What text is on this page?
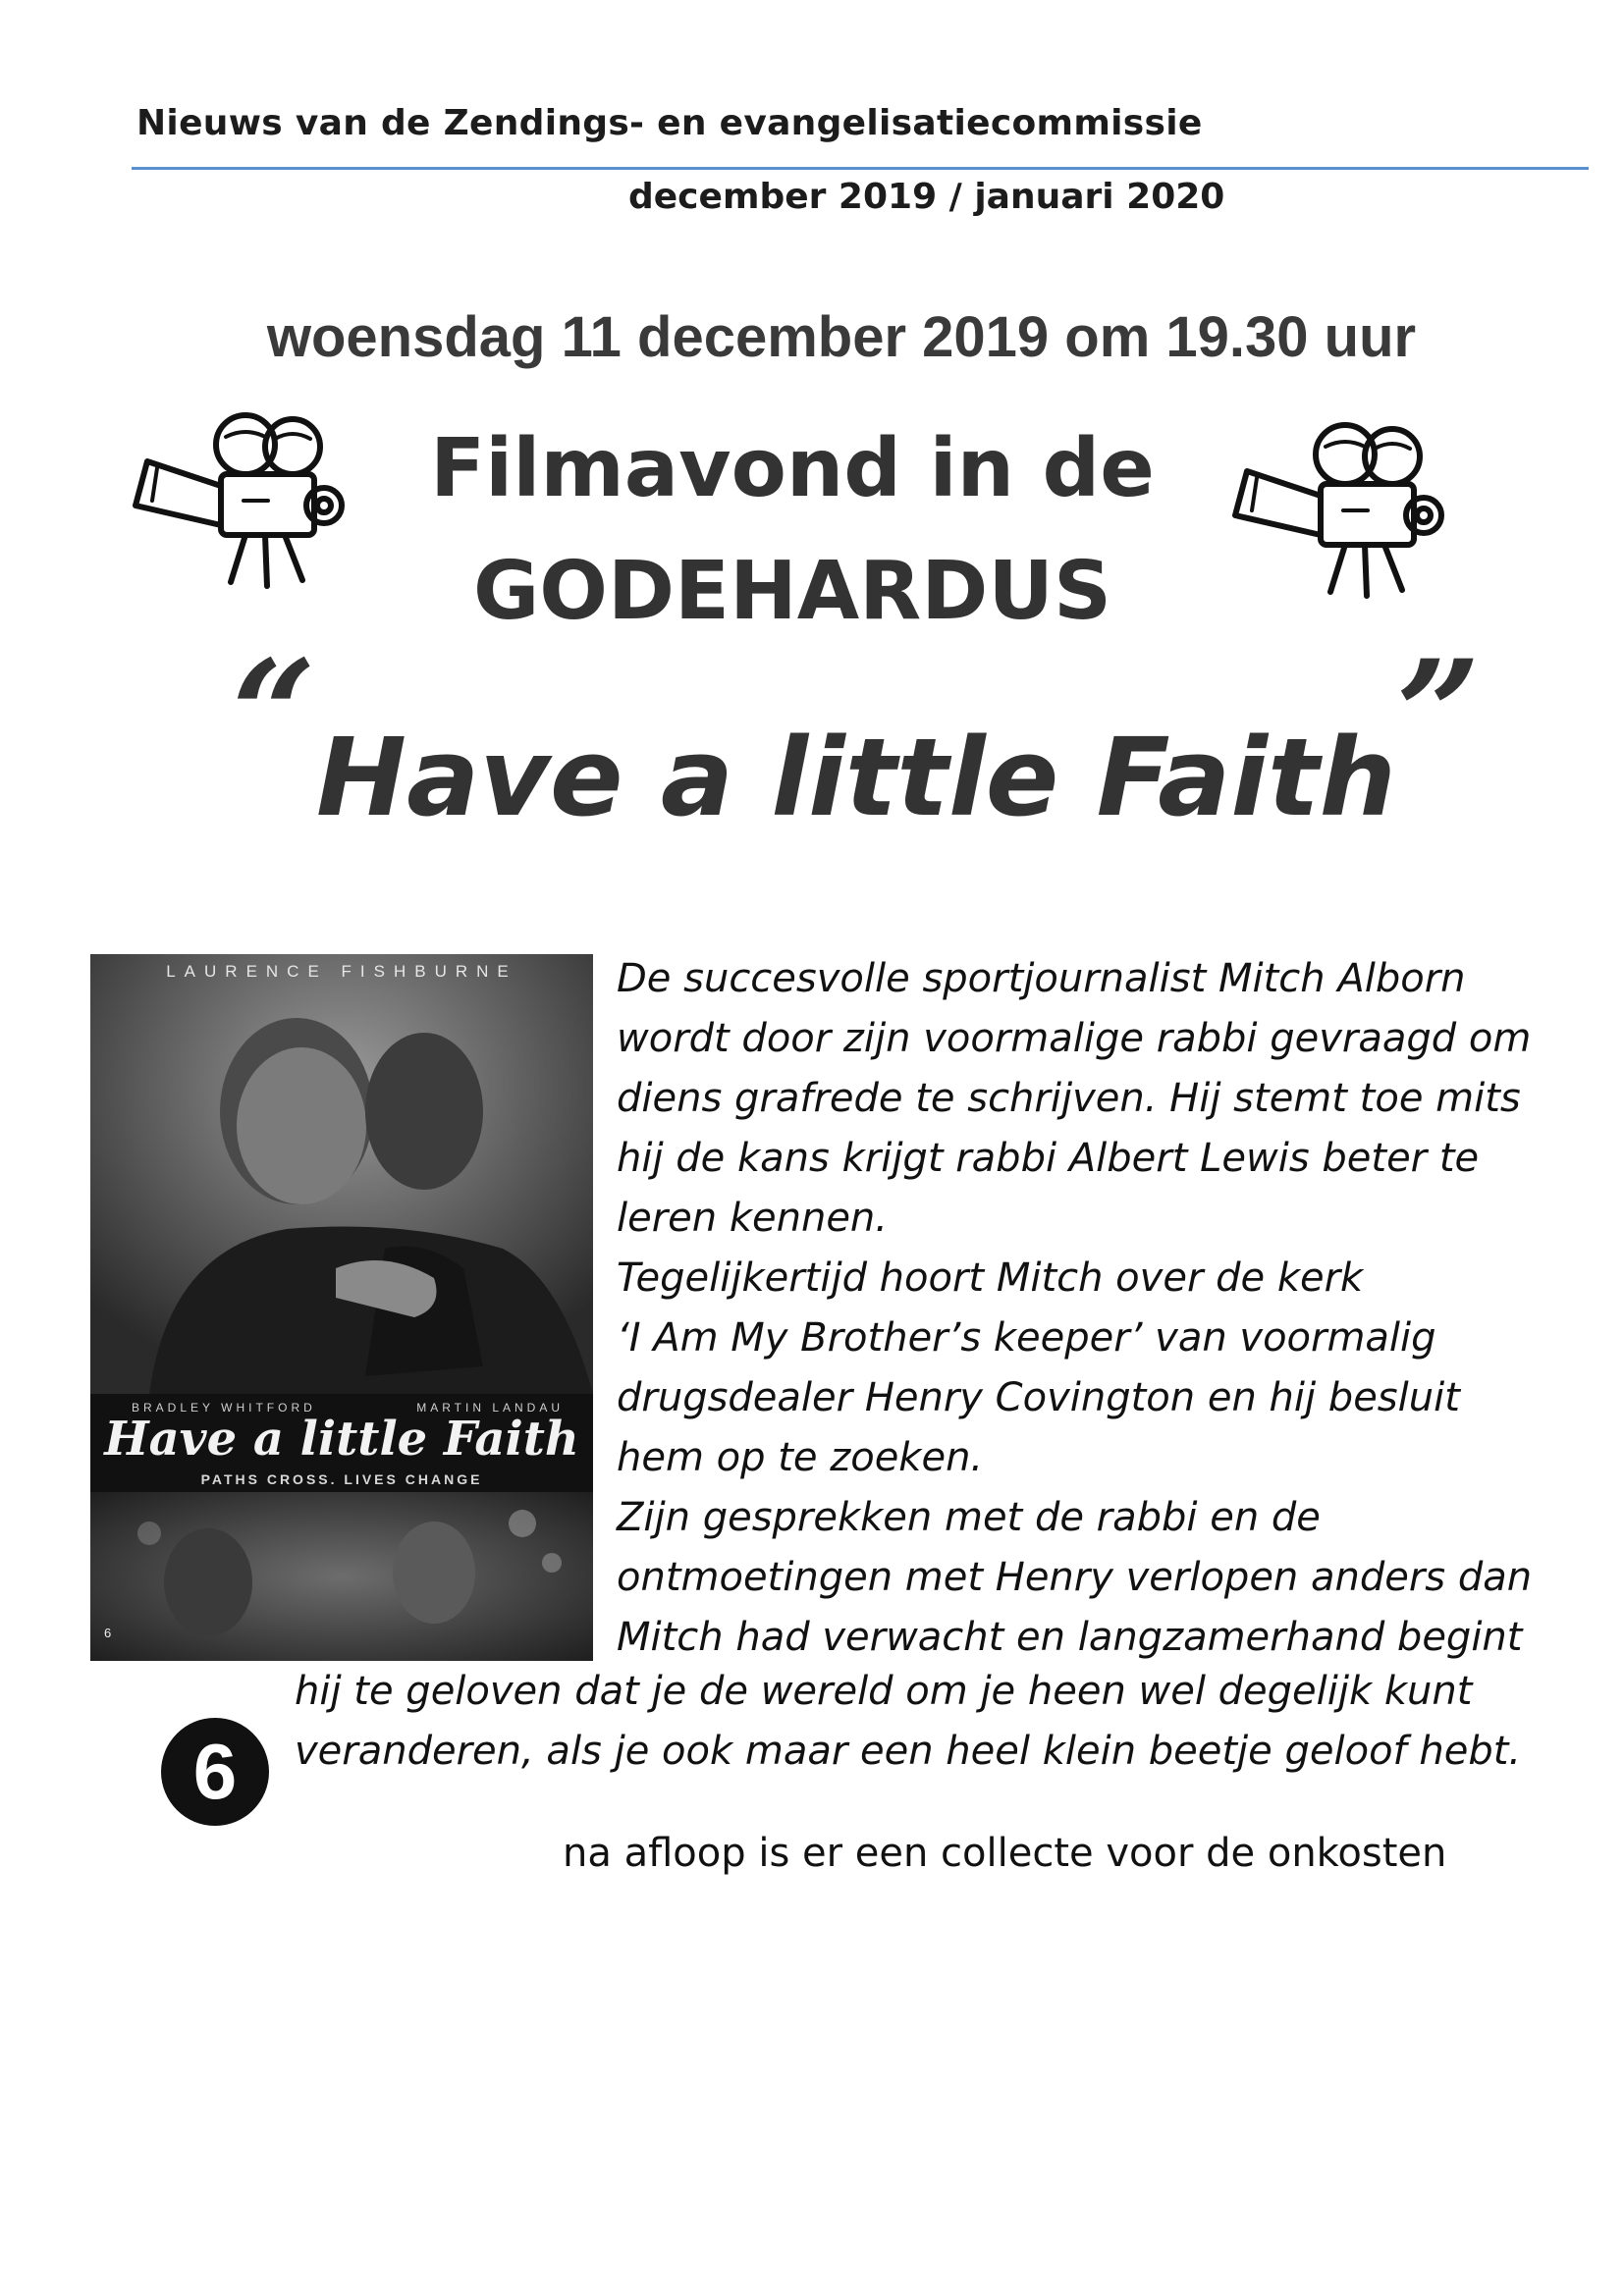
Nieuws van de Zendings- en evangelisatiecommissie
december 2019 / januari 2020
woensdag 11 december 2019 om 19.30 uur
Filmavond in de
GODEHARDUS
“Have a little Faith”
LAURENCE FISHBURNE
BRADLEY WHITFORD	MARTIN LANDAU
Have a little Faith
PATHS CROSS. LIVES CHANGE
6
De succesvolle sportjournalist Mitch Alborn
wordt door zijn voormalige rabbi gevraagd om
diens grafrede te schrijven. Hij stemt toe mits
hij de kans krijgt rabbi Albert Lewis beter te
leren kennen.
Tegelijkertijd hoort Mitch over de kerk
‘I Am My Brother’s keeper’ van voormalig
drugsdealer Henry Covington en hij besluit
hem op te zoeken.
Zijn gesprekken met de rabbi en de
ontmoetingen met Henry verlopen anders dan
Mitch had verwacht en langzamerhand begint
hij te geloven dat je de wereld om je heen wel degelijk kunt
veranderen, als je ook maar een heel klein beetje geloof hebt.
6
na afloop is er een collecte voor de onkosten
